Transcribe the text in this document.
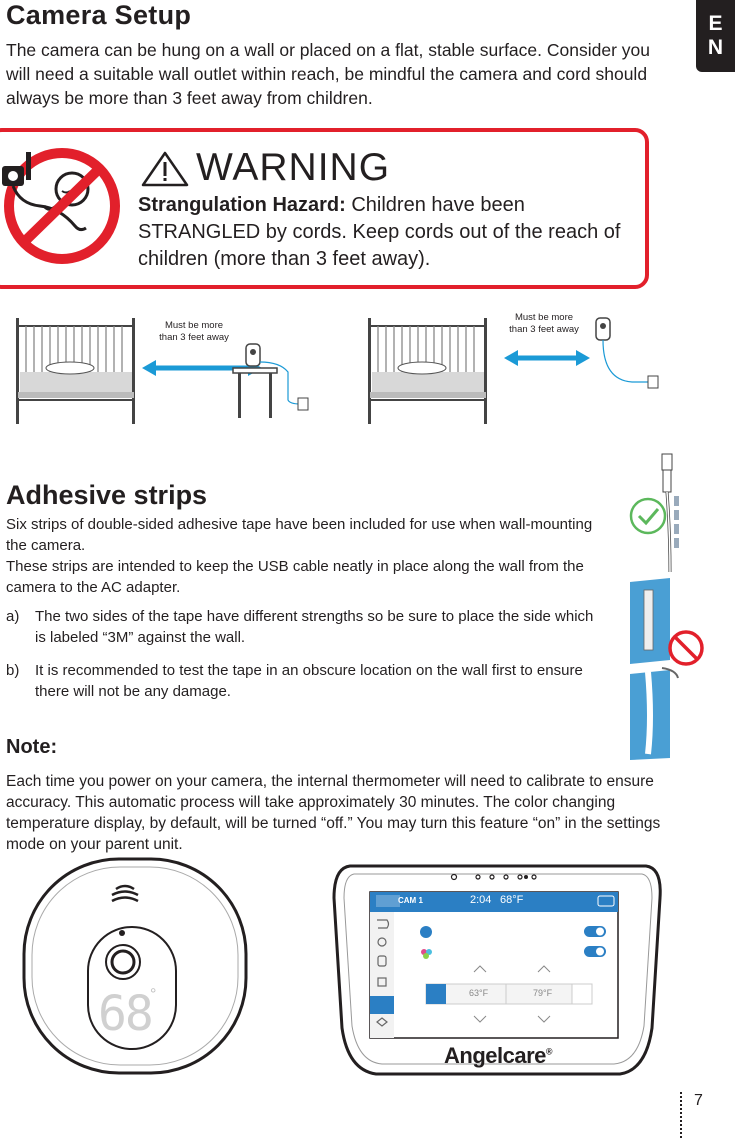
Camera Setup
The camera can be hung on a wall or placed on a flat, stable surface. Consider you will need a suitable wall outlet within reach, be mindful the camera and cord should always be more than 3 feet away from children.
E
N
WARNING
Strangulation Hazard: Children have been STRANGLED by cords. Keep cords out of the reach of children (more than 3 feet away).
Must be more
than 3 feet away
Must be more
than 3 feet away
Adhesive strips
Six strips of double-sided adhesive tape have been included for use when wall-mounting the camera.
These strips are intended to keep the USB cable neatly in place along the wall from the camera to the AC adapter.
a) The two sides of the tape have different strengths so be sure to place the side which is labeled “3M” against the wall.
b) It is recommended to test the tape in an obscure location on the wall first to ensure there will not be any damage.
Note:
Each time you power on your camera, the internal thermometer will need to calibrate to ensure accuracy. This automatic process will take approximately 30 minutes. The color changing temperature display, by default, will be turned “off.” You may turn this feature “on” in the settings mode on your parent unit.
68
°
CAM 1	2:04 68°F
63°F	79°F
Angelcare®
7
